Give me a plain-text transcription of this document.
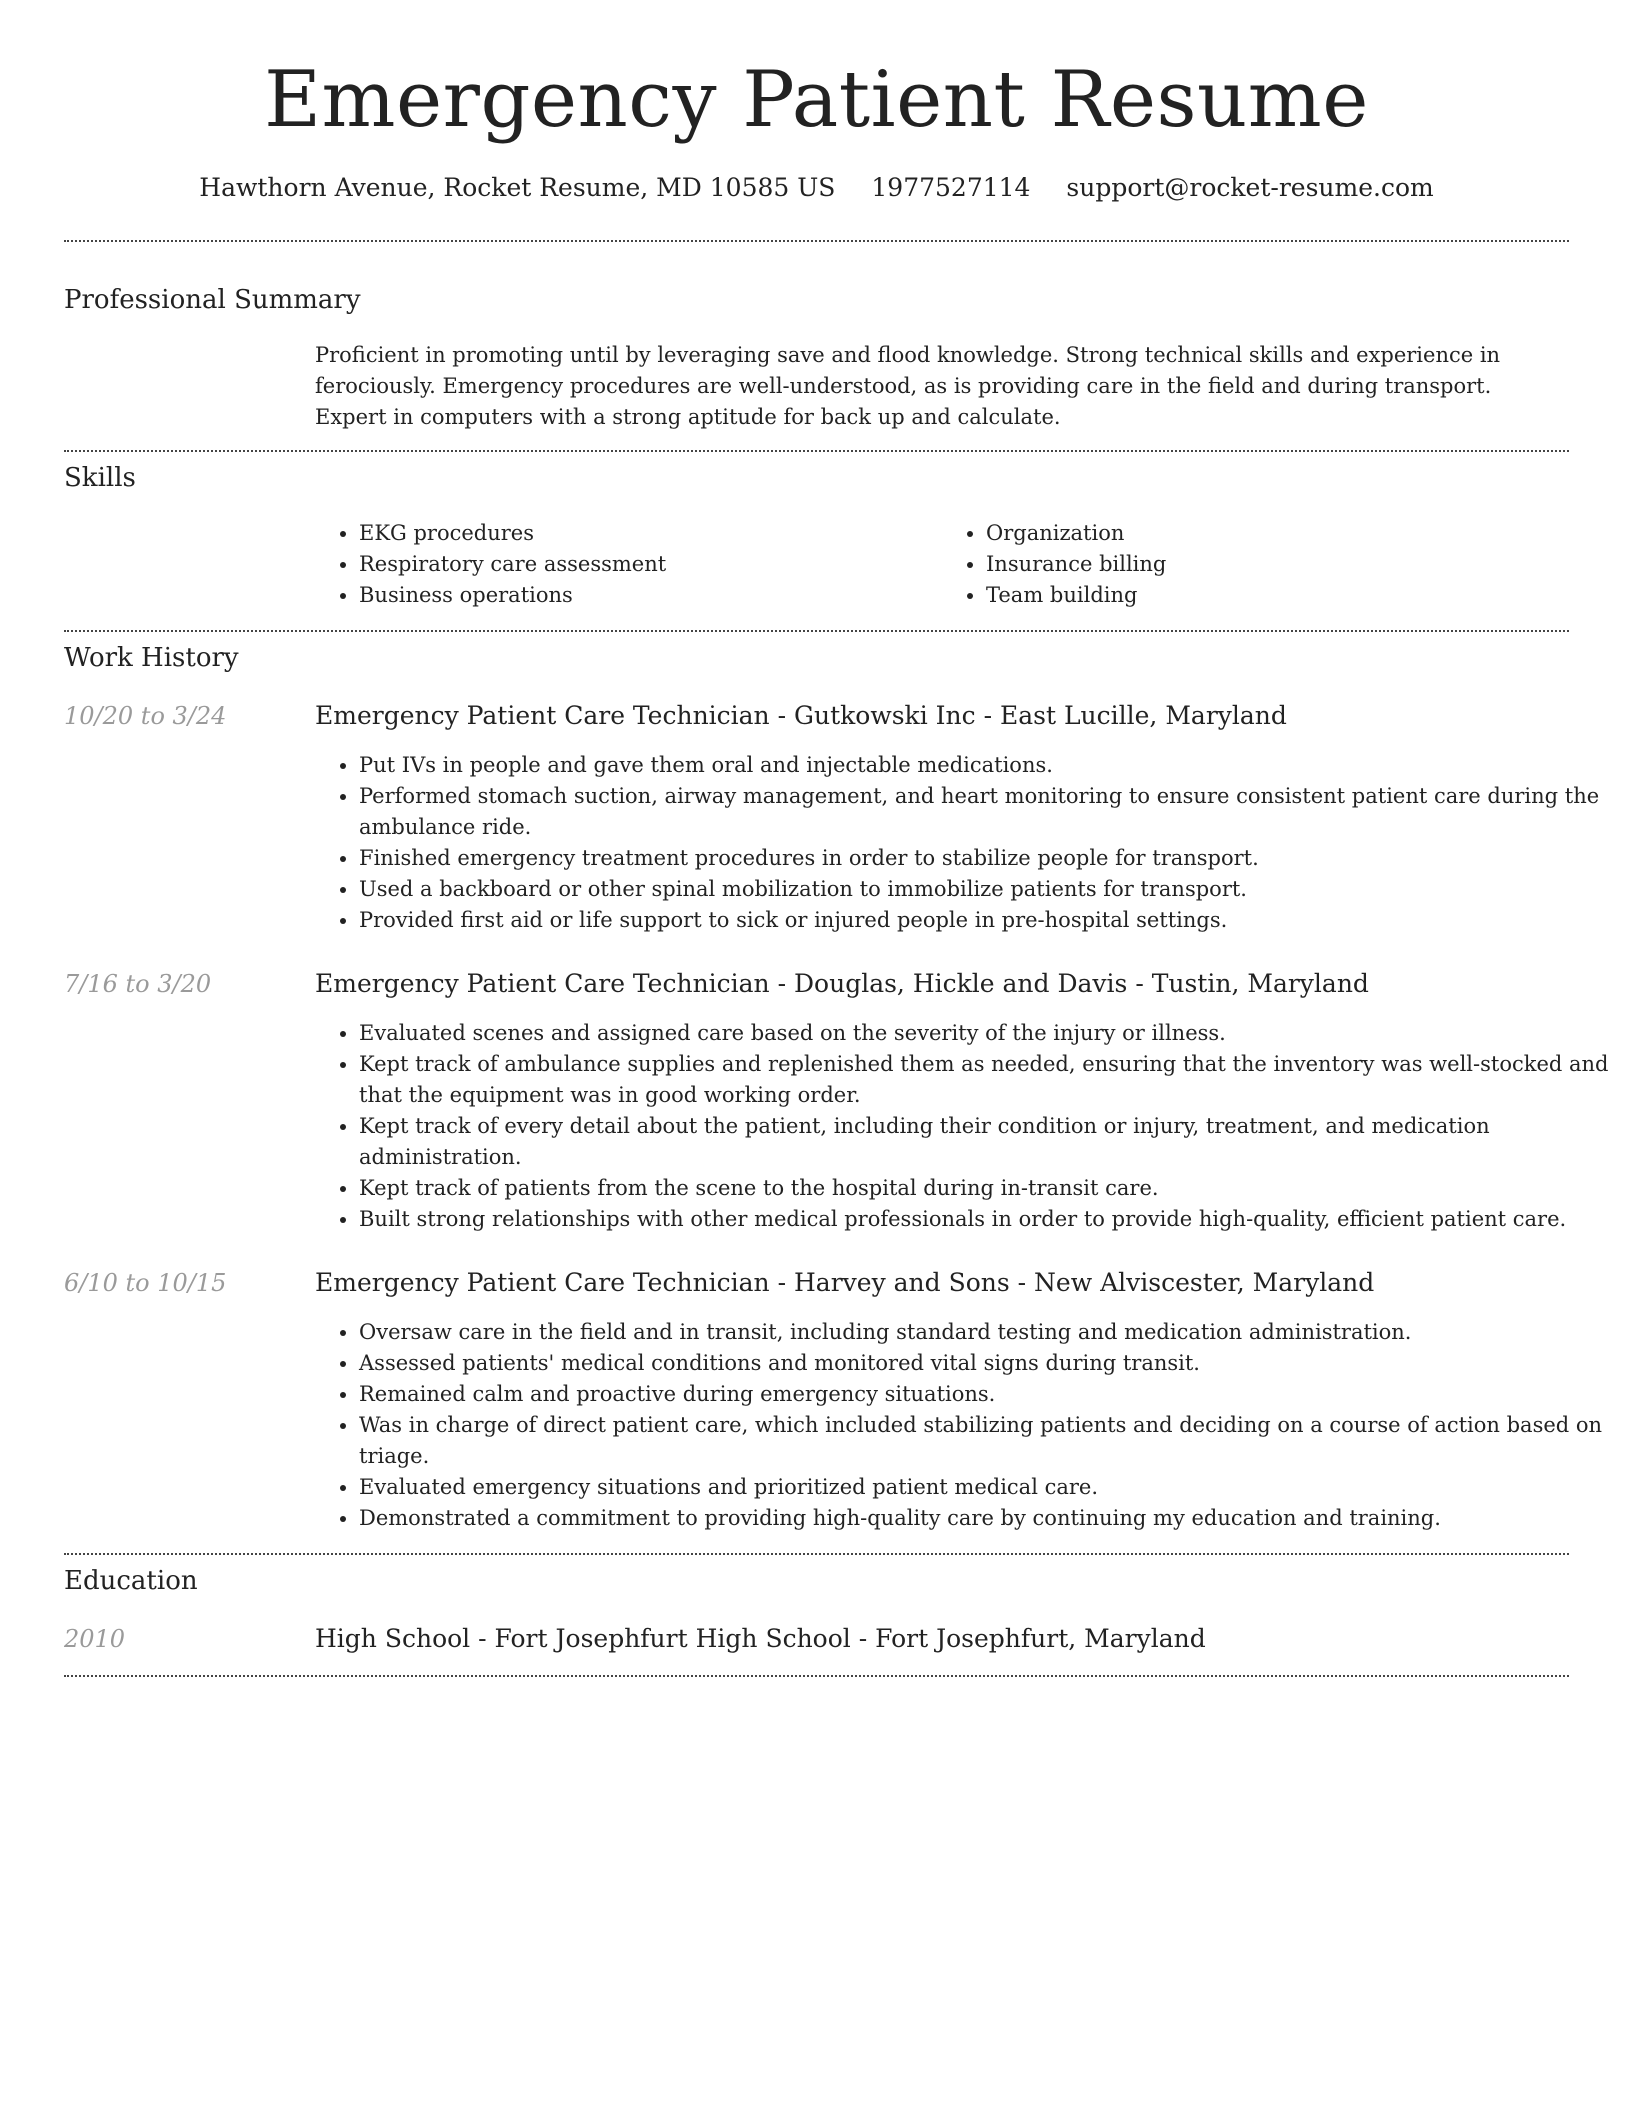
Emergency Patient Resume
Hawthorn Avenue, Rocket Resume, MD 10585 US 1977527114 support@rocket-resume.com
Professional Summary
Proficient in promoting until by leveraging save and flood knowledge. Strong technical skills and experience in ferociously. Emergency procedures are well-understood, as is providing care in the field and during transport. Expert in computers with a strong aptitude for back up and calculate.
Skills
• EKG procedures
• Respiratory care assessment
• Business operations
• Organization
• Insurance billing
• Team building
Work History
10/20 to 3/24	Emergency Patient Care Technician - Gutkowski Inc - East Lucille, Maryland
• Put IVs in people and gave them oral and injectable medications.
• Performed stomach suction, airway management, and heart monitoring to ensure consistent patient care during the ambulance ride.
• Finished emergency treatment procedures in order to stabilize people for transport.
• Used a backboard or other spinal mobilization to immobilize patients for transport.
• Provided first aid or life support to sick or injured people in pre-hospital settings.
7/16 to 3/20	Emergency Patient Care Technician - Douglas, Hickle and Davis - Tustin, Maryland
• Evaluated scenes and assigned care based on the severity of the injury or illness.
• Kept track of ambulance supplies and replenished them as needed, ensuring that the inventory was well-stocked and that the equipment was in good working order.
• Kept track of every detail about the patient, including their condition or injury, treatment, and medication administration.
• Kept track of patients from the scene to the hospital during in-transit care.
• Built strong relationships with other medical professionals in order to provide high-quality, efficient patient care.
6/10 to 10/15	Emergency Patient Care Technician - Harvey and Sons - New Alviscester, Maryland
• Oversaw care in the field and in transit, including standard testing and medication administration.
• Assessed patients' medical conditions and monitored vital signs during transit.
• Remained calm and proactive during emergency situations.
• Was in charge of direct patient care, which included stabilizing patients and deciding on a course of action based on triage.
• Evaluated emergency situations and prioritized patient medical care.
• Demonstrated a commitment to providing high-quality care by continuing my education and training.
Education
2010	High School - Fort Josephfurt High School - Fort Josephfurt, Maryland
